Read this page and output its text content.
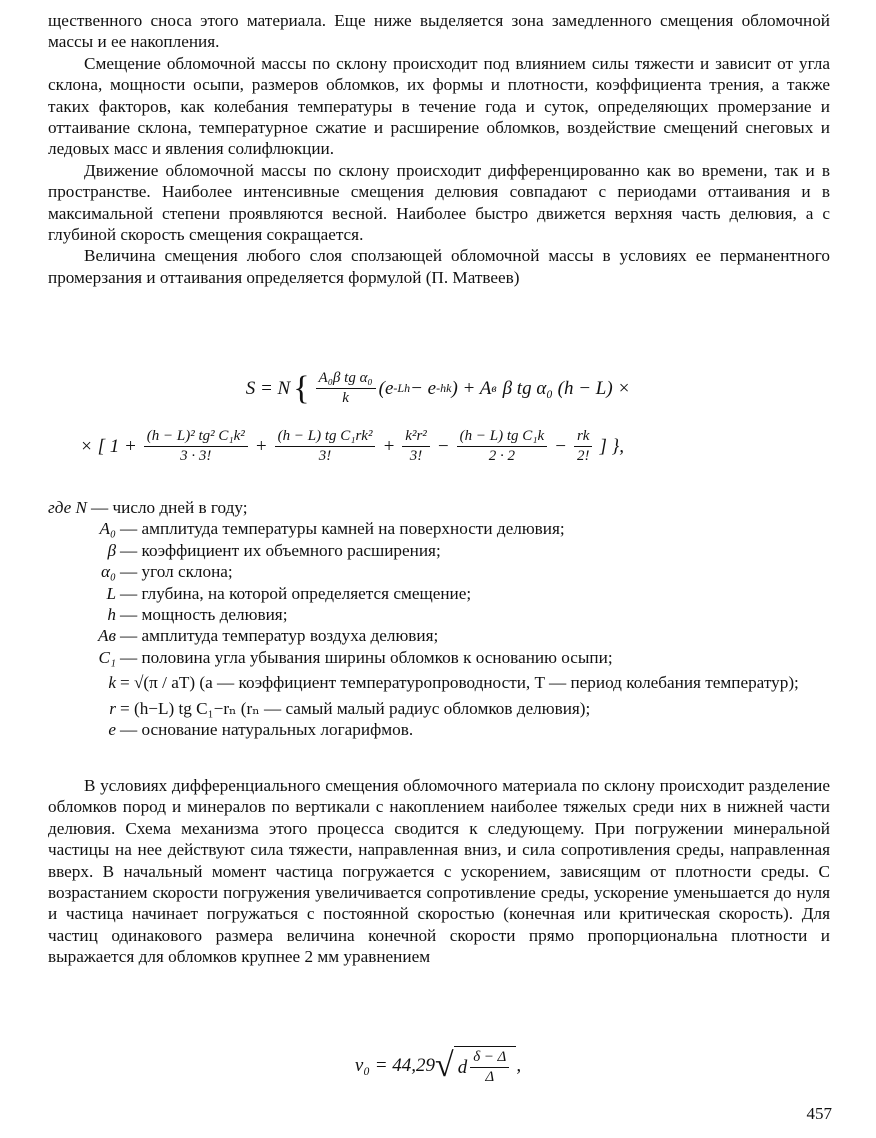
щественного сноса этого материала. Еще ниже выделяется зона замедленного смещения обломочной массы и ее накопления.

Смещение обломочной массы по склону происходит под влиянием силы тяжести и зависит от угла склона, мощности осыпи, размеров обломков, их формы и плотности, коэффициента трения, а также таких факторов, как колебания температуры в течение года и суток, определяющих промерзание и оттаивание склона, температурное сжатие и расширение обломков, воздействие смещений снеговых и ледовых масс и явления солифлюкции.

Движение обломочной массы по склону происходит дифференцированно как во времени, так и в пространстве. Наиболее интенсивные смещения делювия совпадают с периодами оттаивания и в максимальной степени проявляются весной. Наиболее быстро движется верхняя часть делювия, а с глубиной скорость смещения сокращается.

Величина смещения любого слоя сползающей обломочной массы в условиях ее перманентного промерзания и оттаивания определяется формулой (П. Матвеев)

S = N { $\frac{\text{A₀β tg α₀}}{k} (e$ -Lh − e -hk ) + A в β tg α₀ (h − L) ×
× [ $1 + \frac{\text{(h − L)² tg² C₁k²}}{3 \cdot 3!} + \frac{\text{(h − L) tg C₁rk²}}{3!} + \frac{\text{k²r²}}{3!} - \frac{\text{(h − L) tg C₁k}}{2 \cdot 2} - \frac{rk}{2!}$ ] },
где N — число дней в году;
A₀ — амплитуда температуры камней на поверхности делювия;
β — коэффициент их объемного расширения;
α₀ — угол склона;
L — глубина, на которой определяется смещение;
h — мощность делювия;
Aв — амплитуда температур воздуха делювия;
C₁ — половина угла убывания ширины обломков к основанию осыпи;
k = √(π / aT) (a — коэффициент температуропроводности, T — период колебания температур);
r = (h−L) tg C₁−rₙ (rₙ — самый малый радиус обломков делювия);
e — основание натуральных логарифмов.
В условиях дифференциального смещения обломочного материала по склону происходит разделение обломков пород и минералов по вертикали с накоплением наиболее тяжелых среди них в нижней части делювия. Схема механизма этого процесса сводится к следующему. При погружении минеральной частицы на нее действуют сила тяжести, направленная вниз, и сила сопротивления среды, направленная вверх. В начальный момент частица погружается с ускорением, зависящим от плотности среды. С возрастанием скорости погружения увеличивается сопротивление среды, ускорение уменьшается до нуля и частица начинает погружаться с постоянной скоростью (конечная или критическая скорость). Для частиц одинакового размера величина конечной скорости прямо пропорциональна плотности и выражается для обломков крупнее 2 мм уравнением
v₀ = 44,29 √ d $\frac{\delta - \Delta}{\Delta}$ ,
457
